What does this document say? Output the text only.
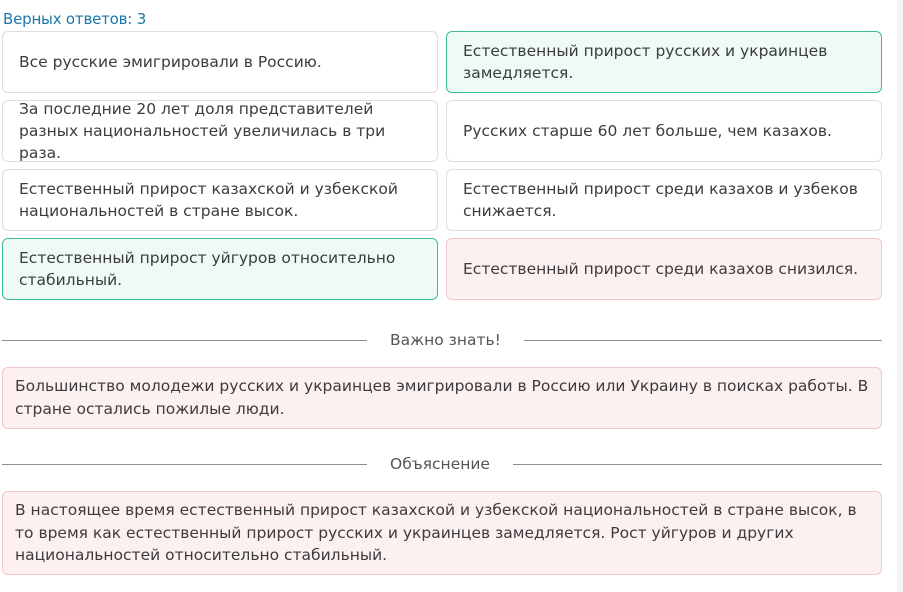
Верных ответов: 3
Все русские эмигрировали в Россию.
Естественный прирост русских и украинцев замедляется.
За последние 20 лет доля представителей разных национальностей увеличилась в три раза.
Русских старше 60 лет больше, чем казахов.
Естественный прирост казахской и узбекской национальностей в стране высок.
Естественный прирост среди казахов и узбеков снижается.
Естественный прирост уйгуров относительно стабильный.
Естественный прирост среди казахов снизился.
Важно знать!
Большинство молодежи русских и украинцев эмигрировали в Россию или Украину в поисках работы. В стране остались пожилые люди.
Объяснение
В настоящее время естественный прирост казахской и узбекской национальностей в стране высок, в то время как естественный прирост русских и украинцев замедляется. Рост уйгуров и других национальностей относительно стабильный.
